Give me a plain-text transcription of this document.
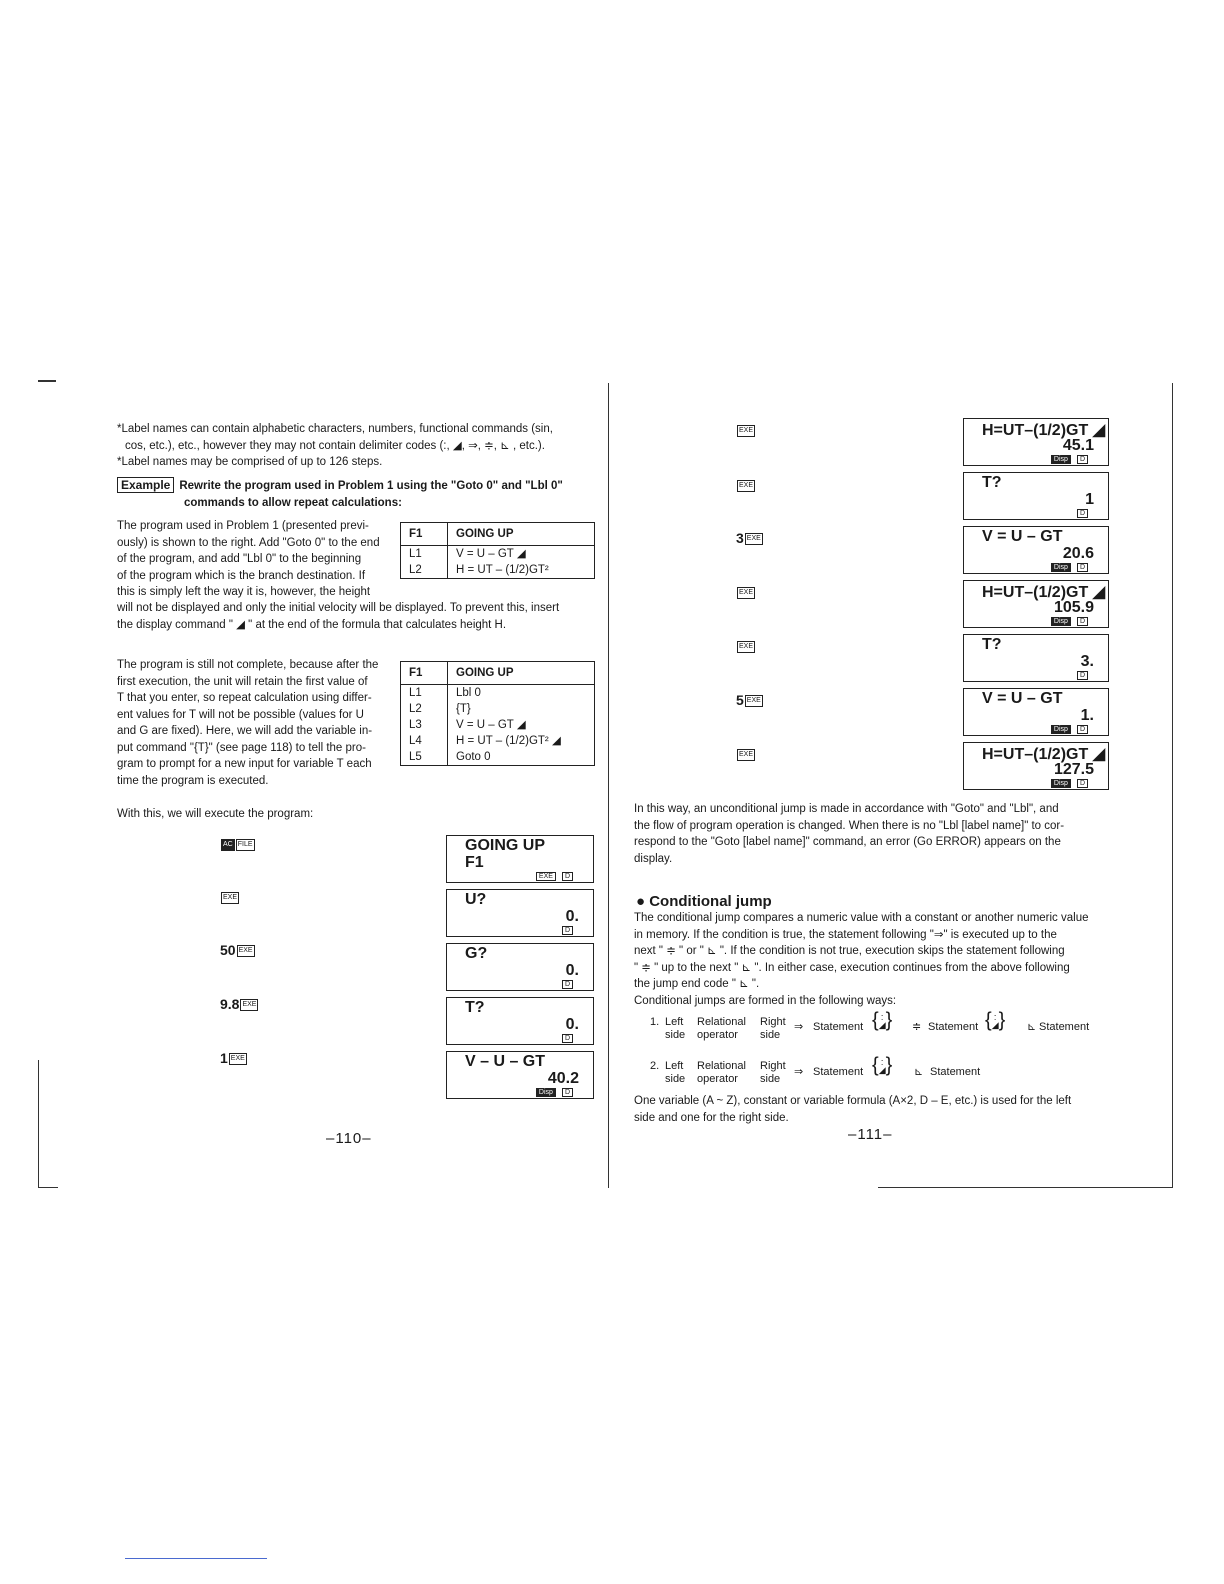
*Label names can contain alphabetic characters, numbers, functional commands (sin,
cos, etc.), etc., however they may not contain delimiter codes (:, ◢, ⇒, ≑, ⊾ , etc.).
*Label names may be comprised of up to 126 steps.
Example Rewrite the program used in Problem 1 using the "Goto 0" and "Lbl 0"
commands to allow repeat calculations:
The program used in Problem 1 (presented previ-
ously) is shown to the right. Add "Goto 0" to the end
of the program, and add "Lbl 0" to the beginning
of the program which is the branch destination. If
this is simply left the way it is, however, the height
will not be displayed and only the initial velocity will be displayed. To prevent this, insert
the display command " ◢ " at the end of the formula that calculates height H.
F1	GOING UP
L1	V = U – GT ◢
L2	H = UT – (1/2)GT²
The program is still not complete, because after the
first execution, the unit will retain the first value of
T that you enter, so repeat calculation using differ-
ent values for T will not be possible (values for U
and G are fixed). Here, we will add the variable in-
put command "{T}" (see page 118) to tell the pro-
gram to prompt for a new input for variable T each
time the program is executed.
F1	GOING UP
L1	Lbl 0
L2	{T}
L3	V = U – GT ◢
L4	H = UT – (1/2)GT² ◢
L5	Goto 0
With this, we will execute the program:
AC FILE
EXE
50 EXE
9.8 EXE
1 EXE
GOING UP
F1
EXE D
U?
0.
D
G?
0.
D
T?
0.
D
V – U – GT
40.2
Disp D
–110–
EXE
EXE
3 EXE
EXE
EXE
5 EXE
EXE
H=UT–(1/2)GT ◢
45.1
Disp D
T?
1
D
V = U – GT
20.6
Disp D
H=UT–(1/2)GT ◢
105.9
Disp D
T?
3.
D
V = U – GT
1.
Disp D
H=UT–(1/2)GT ◢
127.5
Disp D
In this way, an unconditional jump is made in accordance with "Goto" and "Lbl", and
the flow of program operation is changed. When there is no "Lbl [label name]" to cor-
respond to the "Goto [label name]" command, an error (Go ERROR) appears on the
display.
● Conditional jump
The conditional jump compares a numeric value with a constant or another numeric value
in memory. If the condition is true, the statement following "⇒" is executed up to the
next " ≑ " or " ⊾ ". If the condition is not true, execution skips the statement following
" ≑ " up to the next " ⊾ ". In either case, execution continues from the above following
the jump end code " ⊾ ".
Conditional jumps are formed in the following ways:
1. Left
side
Relational
operator
Right
side
⇒ Statement { :
◢} ≑ Statement { :
◢} ⊾ Statement
2. Left
side
Relational
operator
Right
side
⇒ Statement { :
◢} ⊾ Statement
One variable (A ~ Z), constant or variable formula (A×2, D – E, etc.) is used for the left
side and one for the right side.
–111–
